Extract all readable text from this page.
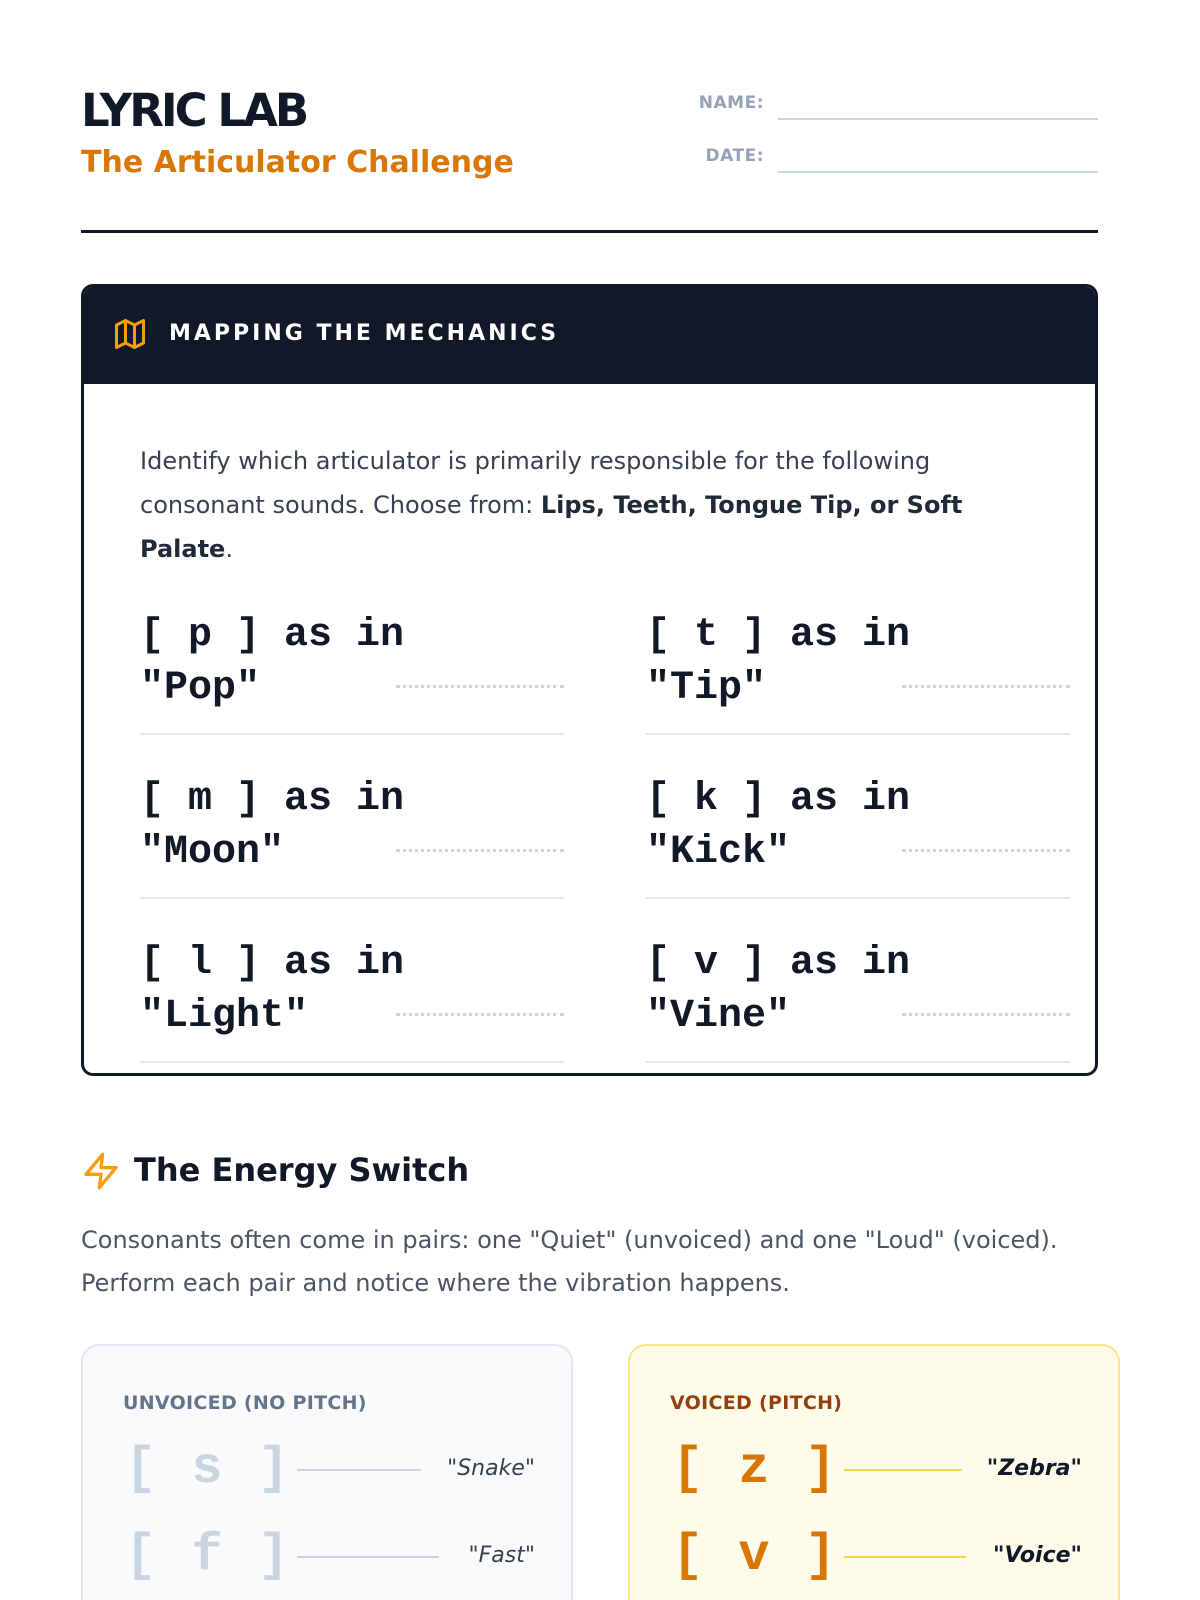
LYRIC LAB
The Articulator Challenge
NAME:
DATE:
MAPPING THE MECHANICS
Identify which articulator is primarily responsible for the following consonant sounds. Choose from: Lips, Teeth, Tongue Tip, or Soft Palate.
[ p ] as in "Pop"
[ t ] as in "Tip"
[ m ] as in "Moon"
[ k ] as in "Kick"
[ l ] as in "Light"
[ v ] as in "Vine"
The Energy Switch
Consonants often come in pairs: one "Quiet" (unvoiced) and one "Loud" (voiced). Perform each pair and notice where the vibration happens.
UNVOICED (NO PITCH)
[ s ]	"Snake"
[ f ]	"Fast"
VOICED (PITCH)
[ z ]	"Zebra"
[ v ]	"Voice"
